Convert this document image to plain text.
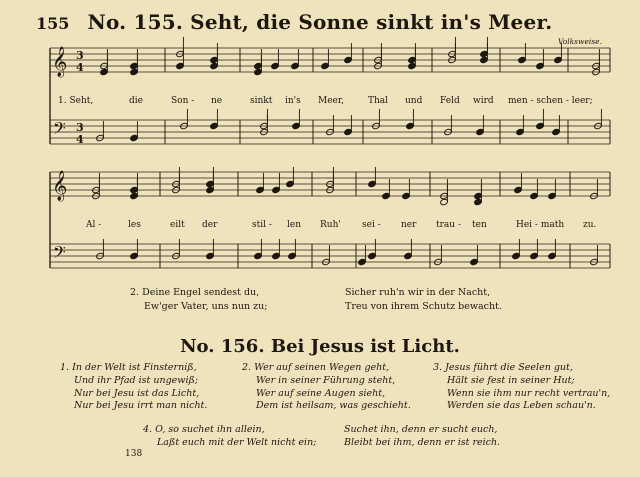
155 No. 155. Seht, die Sonne sinkt in's Meer.
Volksweise.
𝄞
𝄞
𝄢
𝄢
3
4
3
4
1. Seht,	die	Son - ne	sinkt in's Meer,	Thal und Feld wird men - schen - leer;
Al -	les	eilt der	stil - len Ruh' sei - ner trau - ten	Hei - math zu.
2. Deine Engel sendest du,
Ew'ger Vater, uns nun zu;
Sicher ruh'n wir in der Nacht,
Treu von ihrem Schutz bewacht.
No. 156. Bei Jesus ist Licht.
1. In der Welt ist Finsterniß,
Und ihr Pfad ist ungewiß;
Nur bei Jesu ist das Licht,
Nur bei Jesu irrt man nicht.
2. Wer auf seinen Wegen geht,
Wer in seiner Führung steht,
Wer auf seine Augen sieht,
Dem ist heilsam, was geschieht.
3. Jesus führt die Seelen gut,
Hält sie fest in seiner Hut;
Wenn sie ihm nur recht vertrau'n,
Werden sie das Leben schau'n.
4. O, so suchet ihn allein,
Laßt euch mit der Welt nicht ein;
Suchet ihn, denn er sucht euch,
Bleibt bei ihm, denn er ist reich.
138
